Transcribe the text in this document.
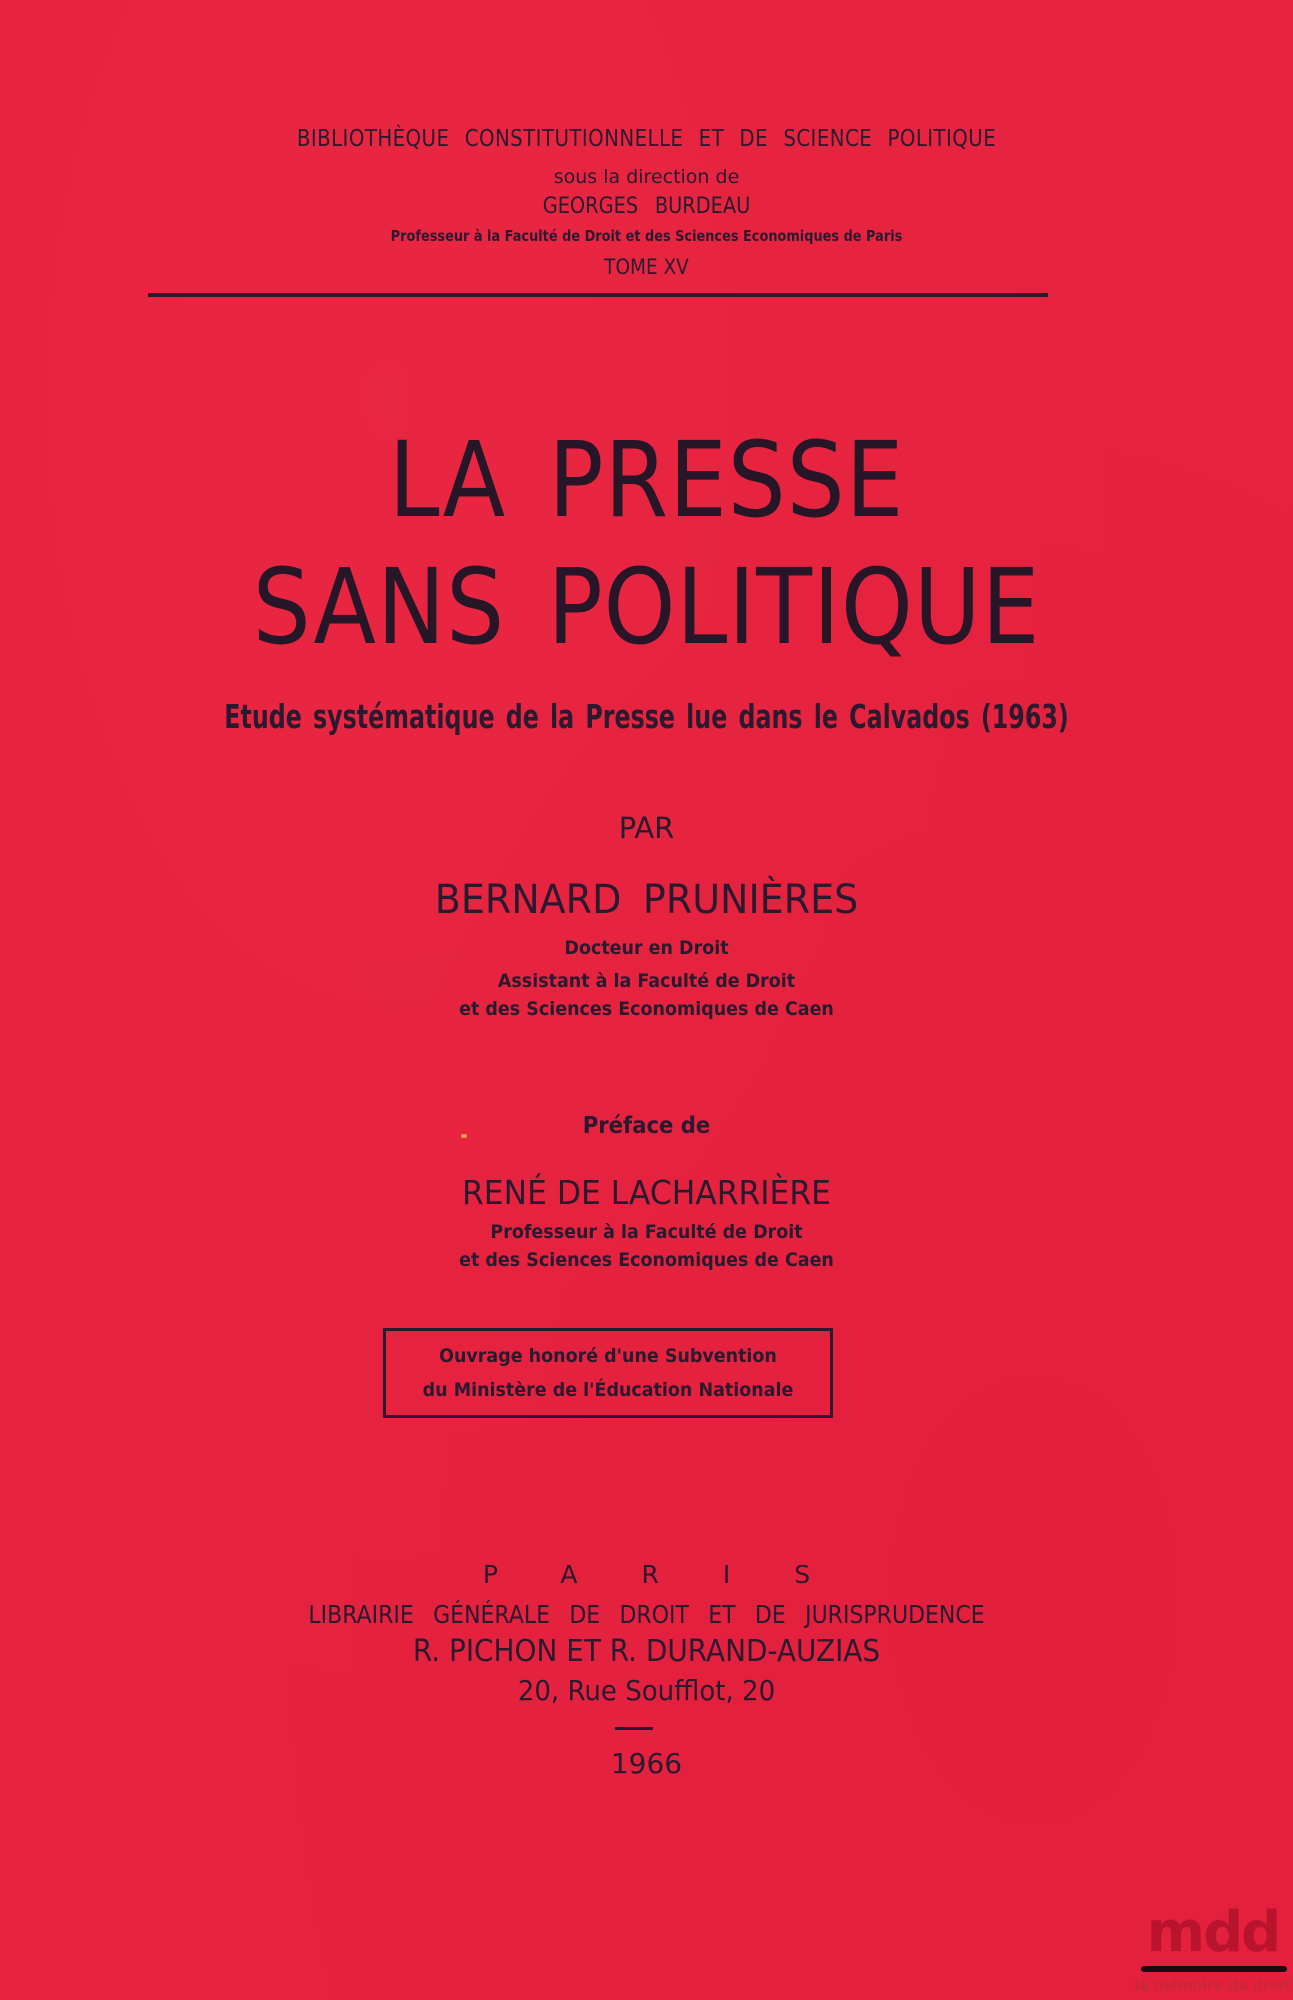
BIBLIOTHÈQUE CONSTITUTIONNELLE ET DE SCIENCE POLITIQUE
sous la direction de
GEORGES BURDEAU
Professeur à la Faculté de Droit et des Sciences Economiques de Paris
TOME XV
LA PRESSE
SANS POLITIQUE
Etude systématique de la Presse lue dans le Calvados (1963)
PAR
BERNARD PRUNIÈRES
Docteur en Droit
Assistant à la Faculté de Droit
et des Sciences Economiques de Caen
Préface de
RENÉ DE LACHARRIÈRE
Professeur à la Faculté de Droit
et des Sciences Economiques de Caen
Ouvrage honoré d'une Subvention
du Ministère de l'Éducation Nationale
PARIS
LIBRAIRIE GÉNÉRALE DE DROIT ET DE JURISPRUDENCE
R. PICHON ET R. DURAND-AUZIAS
20, Rue Soufflot, 20
1966
mdd
la mémoire du droit
